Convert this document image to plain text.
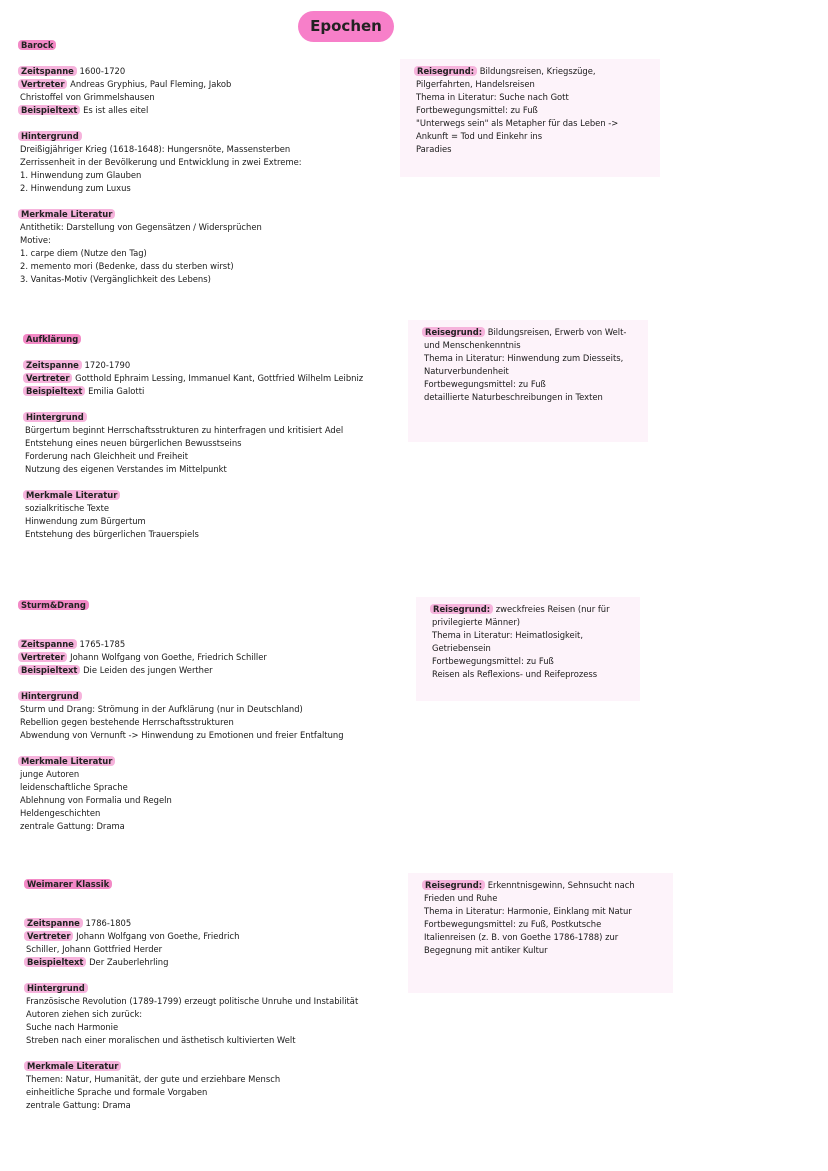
Epochen
Barock
Zeitspanne 1600-1720
Vertreter Andreas Gryphius, Paul Fleming, Jakob
Christoffel von Grimmelshausen
Beispieltext Es ist alles eitel
Hintergrund
Dreißigjähriger Krieg (1618-1648): Hungersnöte, Massensterben
Zerrissenheit in der Bevölkerung und Entwicklung in zwei Extreme:
1. Hinwendung zum Glauben
2. Hinwendung zum Luxus
Merkmale Literatur
Antithetik: Darstellung von Gegensätzen / Widersprüchen
Motive:
1. carpe diem (Nutze den Tag)
2. memento mori (Bedenke, dass du sterben wirst)
3. Vanitas-Motiv (Vergänglichkeit des Lebens)
Reisegrund: Bildungsreisen, Kriegszüge,
Pilgerfahrten, Handelsreisen
Thema in Literatur: Suche nach Gott
Fortbewegungsmittel: zu Fuß
"Unterwegs sein" als Metapher für das Leben ->
Ankunft = Tod und Einkehr ins
Paradies
Aufklärung
Zeitspanne 1720-1790
Vertreter Gotthold Ephraim Lessing, Immanuel Kant, Gottfried Wilhelm Leibniz
Beispieltext Emilia Galotti
Hintergrund
Bürgertum beginnt Herrschaftsstrukturen zu hinterfragen und kritisiert Adel
Entstehung eines neuen bürgerlichen Bewusstseins
Forderung nach Gleichheit und Freiheit
Nutzung des eigenen Verstandes im Mittelpunkt
Merkmale Literatur
sozialkritische Texte
Hinwendung zum Bürgertum
Entstehung des bürgerlichen Trauerspiels
Reisegrund: Bildungsreisen, Erwerb von Welt-
und Menschenkenntnis
Thema in Literatur: Hinwendung zum Diesseits,
Naturverbundenheit
Fortbewegungsmittel: zu Fuß
detaillierte Naturbeschreibungen in Texten
Sturm&Drang
Zeitspanne 1765-1785
Vertreter Johann Wolfgang von Goethe, Friedrich Schiller
Beispieltext Die Leiden des jungen Werther
Hintergrund
Sturm und Drang: Strömung in der Aufklärung (nur in Deutschland)
Rebellion gegen bestehende Herrschaftsstrukturen
Abwendung von Vernunft -> Hinwendung zu Emotionen und freier Entfaltung
Merkmale Literatur
junge Autoren
leidenschaftliche Sprache
Ablehnung von Formalia und Regeln
Heldengeschichten
zentrale Gattung: Drama
Reisegrund: zweckfreies Reisen (nur für
privilegierte Männer)
Thema in Literatur: Heimatlosigkeit,
Getriebensein
Fortbewegungsmittel: zu Fuß
Reisen als Reflexions- und Reifeprozess
Weimarer Klassik
Zeitspanne 1786-1805
Vertreter Johann Wolfgang von Goethe, Friedrich
Schiller, Johann Gottfried Herder
Beispieltext Der Zauberlehrling
Hintergrund
Französische Revolution (1789-1799) erzeugt politische Unruhe und Instabilität
Autoren ziehen sich zurück:
Suche nach Harmonie
Streben nach einer moralischen und ästhetisch kultivierten Welt
Merkmale Literatur
Themen: Natur, Humanität, der gute und erziehbare Mensch
einheitliche Sprache und formale Vorgaben
zentrale Gattung: Drama
Reisegrund: Erkenntnisgewinn, Sehnsucht nach
Frieden und Ruhe
Thema in Literatur: Harmonie, Einklang mit Natur
Fortbewegungsmittel: zu Fuß, Postkutsche
Italienreisen (z. B. von Goethe 1786-1788) zur
Begegnung mit antiker Kultur
